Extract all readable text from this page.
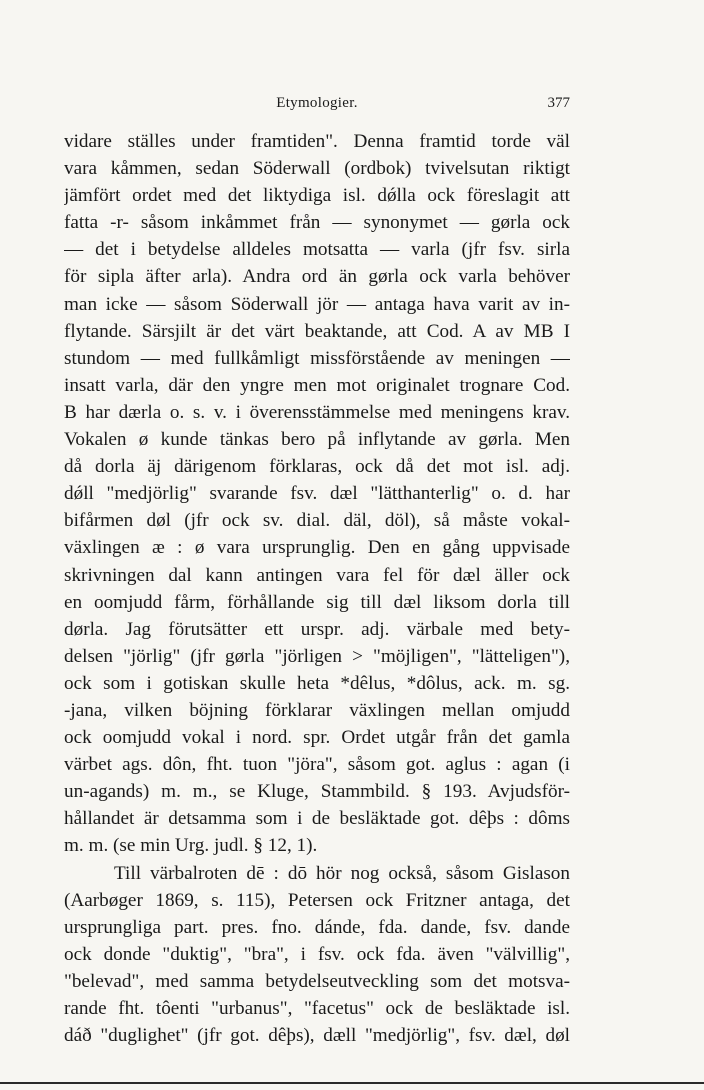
Etymologier.	377
vidare ställes under framtiden". Denna framtid torde väl
vara kåmmen, sedan Söderwall (ordbok) tvivelsutan riktigt
jämfört ordet med det liktydiga isl. dǿlla ock föreslagit att
fatta -r- såsom inkåmmet från — synonymet — gørla ock
— det i betydelse alldeles motsatta — varla (jfr fsv. sirla
för sipla äfter arla). Andra ord än gørla ock varla behöver
man icke — såsom Söderwall jör — antaga hava varit av in-
flytande. Särsjilt är det värt beaktande, att Cod. A av MB I
stundom — med fullkåmligt missförstående av meningen —
insatt varla, där den yngre men mot originalet trognare Cod.
B har dærla o. s. v. i överensstämmelse med meningens krav.
Vokalen ø kunde tänkas bero på inflytande av gørla. Men
då dorla äj därigenom förklaras, ock då det mot isl. adj.
dǿll "medjörlig" svarande fsv. dæl "lätthanterlig" o. d. har
bifårmen døl (jfr ock sv. dial. däl, döl), så måste vokal-
växlingen æ : ø vara ursprunglig. Den en gång uppvisade
skrivningen dal kann antingen vara fel för dæl äller ock
en oomjudd fårm, förhållande sig till dæl liksom dorla till
dørla. Jag förutsätter ett urspr. adj. värbale med bety-
delsen "jörlig" (jfr gørla "jörligen > "möjligen", "lätteligen"),
ock som i gotiskan skulle heta *dêlus, *dôlus, ack. m. sg.
-jana, vilken böjning förklarar växlingen mellan omjudd
ock oomjudd vokal i nord. spr. Ordet utgår från det gamla
värbet ags. dôn, fht. tuon "jöra", såsom got. aglus : agan (i
un-agands) m. m., se Kluge, Stammbild. § 193. Avjudsför-
hållandet är detsamma som i de besläktade got. dêþs : dôms
m. m. (se min Urg. judl. § 12, 1).
Till värbalroten dē : dō hör nog också, såsom Gislason
(Aarbøger 1869, s. 115), Petersen ock Fritzner antaga, det
ursprungliga part. pres. fno. dánde, fda. dande, fsv. dande
ock donde "duktig", "bra", i fsv. ock fda. även "välvillig",
"belevad", med samma betydelseutveckling som det motsva-
rande fht. tôenti "urbanus", "facetus" ock de besläktade isl.
dáð "duglighet" (jfr got. dêþs), dæll "medjörlig", fsv. dæl, døl
